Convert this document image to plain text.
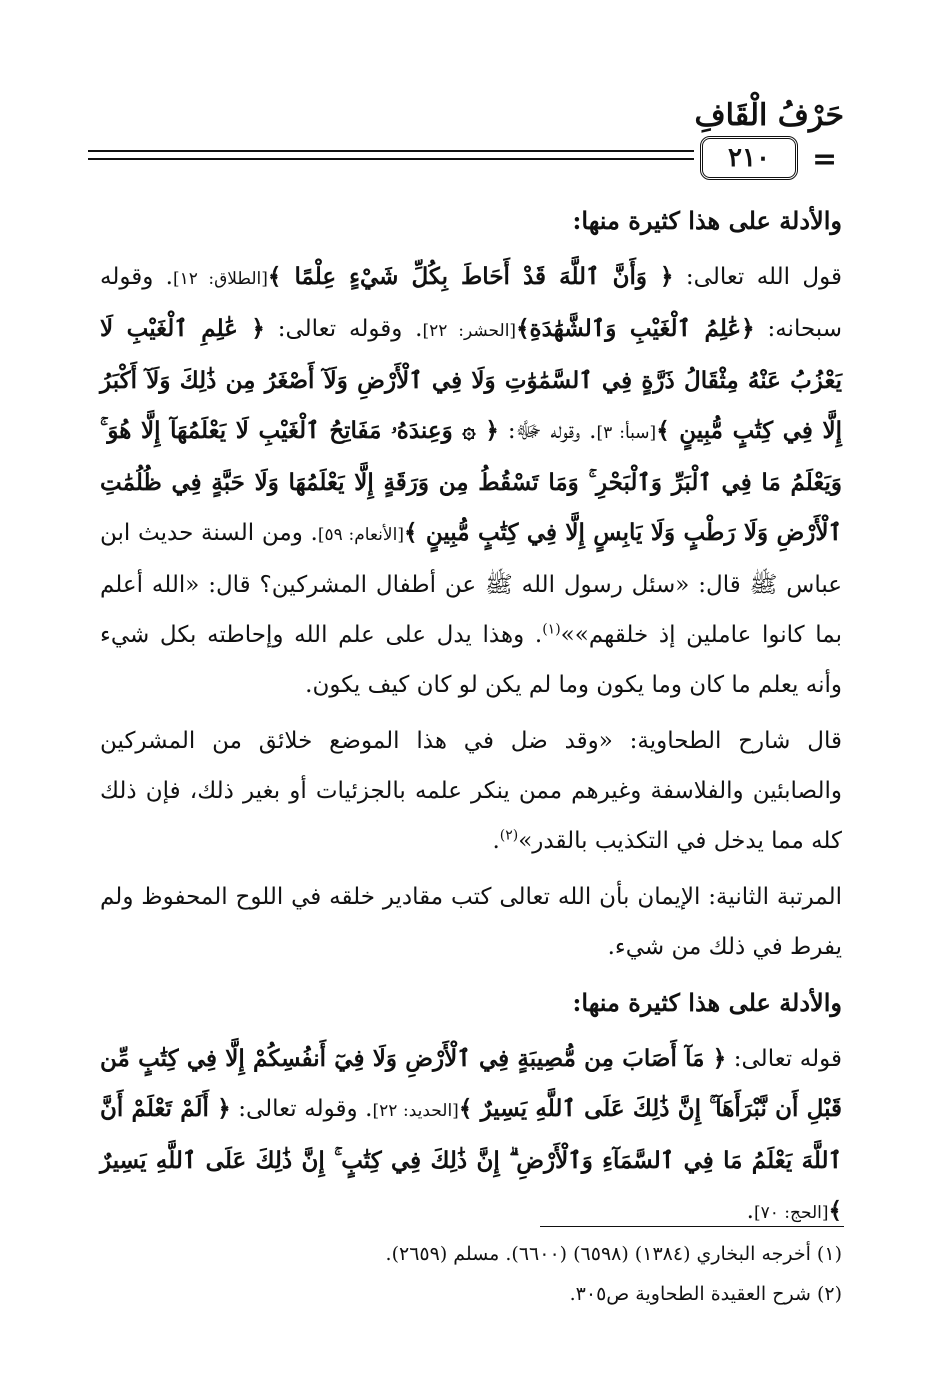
حَرْفُ الْقَافِ
٢١٠	=

والأدلة على هذا كثيرة منها:

قول الله تعالى: ﴿ وَأَنَّ ٱللَّهَ قَدْ أَحَاطَ بِكُلِّ شَيْءٍ عِلْمًا ﴾[الطلاق: ١٢]. وقوله سبحانه: ﴿عَٰلِمُ ٱلْغَيْبِ وَٱلشَّهَٰدَةِ﴾[الحشر: ٢٢]. وقوله تعالى: ﴿ عَٰلِمِ ٱلْغَيْبِ لَا يَعْزُبُ عَنْهُ مِثْقَالُ ذَرَّةٍ فِي ٱلسَّمَٰوَٰتِ وَلَا فِي ٱلْأَرْضِ وَلَآ أَصْغَرُ مِن ذَٰلِكَ وَلَآ أَكْبَرُ إِلَّا فِي كِتَٰبٍ مُّبِينٍ ﴾[سبأ: ٣]. وقوله ﷻ: ﴿ ۞ وَعِندَهُۥ مَفَاتِحُ ٱلْغَيْبِ لَا يَعْلَمُهَآ إِلَّا هُوَ ۚ وَيَعْلَمُ مَا فِي ٱلْبَرِّ وَٱلْبَحْرِ ۚ وَمَا تَسْقُطُ مِن وَرَقَةٍ إِلَّا يَعْلَمُهَا وَلَا حَبَّةٍ فِي ظُلُمَٰتِ ٱلْأَرْضِ وَلَا رَطْبٍ وَلَا يَابِسٍ إِلَّا فِي كِتَٰبٍ مُّبِينٍ ﴾[الأنعام: ٥٩]. ومن السنة حديث ابن عباس ﷺ قال: «سئل رسول الله ﷺ عن أطفال المشركين؟ قال: «الله أعلم بما كانوا عاملين إذ خلقهم»»$^{(١)}$. وهذا يدل على علم الله وإحاطته بكل شيء وأنه يعلم ما كان وما يكون وما لم يكن لو كان كيف يكون.

قال شارح الطحاوية: «وقد ضل في هذا الموضع خلائق من المشركين والصابئين والفلاسفة وغيرهم ممن ينكر علمه بالجزئيات أو بغير ذلك، فإن ذلك كله مما يدخل في التكذيب بالقدر»$^{(٢)}$.

المرتبة الثانية: الإيمان بأن الله تعالى كتب مقادير خلقه في اللوح المحفوظ ولم يفرط في ذلك من شيء.

والأدلة على هذا كثيرة منها:

قوله تعالى: ﴿ مَآ أَصَابَ مِن مُّصِيبَةٍ فِي ٱلْأَرْضِ وَلَا فِيٓ أَنفُسِكُمْ إِلَّا فِي كِتَٰبٍ مِّن قَبْلِ أَن نَّبْرَأَهَآ ۚ إِنَّ ذَٰلِكَ عَلَى ٱللَّهِ يَسِيرٌ ﴾[الحديد: ٢٢]. وقوله تعالى: ﴿ أَلَمْ تَعْلَمْ أَنَّ ٱللَّهَ يَعْلَمُ مَا فِي ٱلسَّمَآءِ وَٱلْأَرْضِ ۗ إِنَّ ذَٰلِكَ فِي كِتَٰبٍ ۚ إِنَّ ذَٰلِكَ عَلَى ٱللَّهِ يَسِيرٌ ﴾[الحج: ٧٠].

(١) أخرجه البخاري (١٣٨٤) (٦٥٩٨) (٦٦٠٠). مسلم (٢٦٥٩).
(٢) شرح العقيدة الطحاوية ص٣٠٥.
